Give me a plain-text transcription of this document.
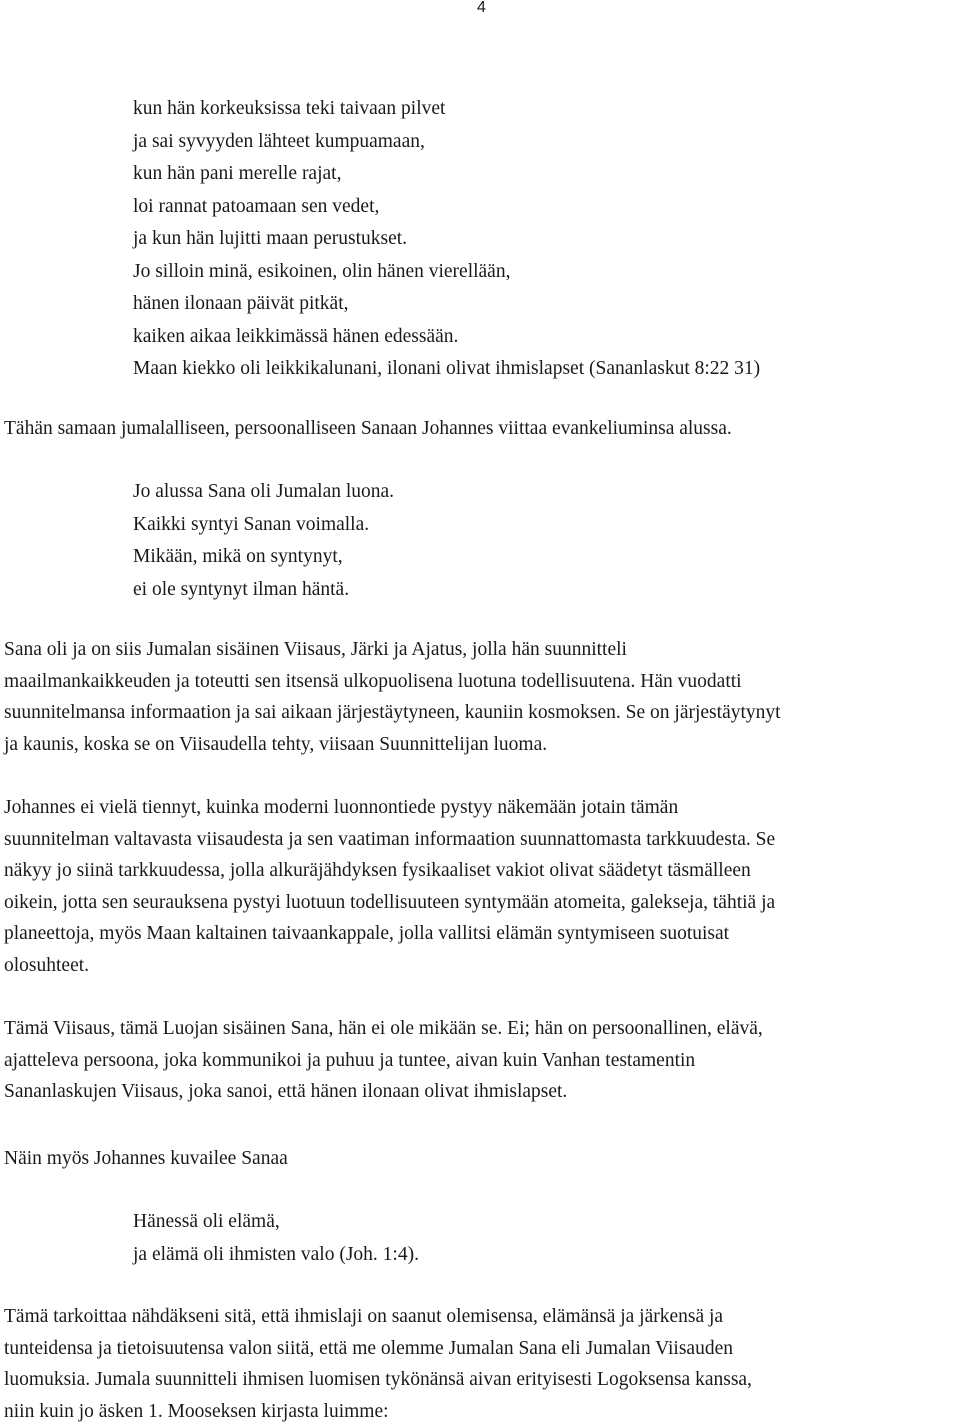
4
kun hän korkeuksissa teki taivaan pilvet
ja sai syvyyden lähteet kumpuamaan,
kun hän pani merelle rajat,
loi rannat patoamaan sen vedet,
ja kun hän lujitti maan perustukset.
Jo silloin minä, esikoinen, olin hänen vierellään,
hänen ilonaan päivät pitkät,
kaiken aikaa leikkimässä hänen edessään.
Maan kiekko oli leikkikalunani, ilonani olivat ihmislapset (Sananlaskut 8:22 31)
Tähän samaan jumalalliseen, persoonalliseen Sanaan Johannes viittaa evankeliuminsa alussa.
Jo alussa Sana oli Jumalan luona.
Kaikki syntyi Sanan voimalla.
Mikään, mikä on syntynyt,
ei ole syntynyt ilman häntä.
Sana oli ja on siis Jumalan sisäinen Viisaus, Järki ja Ajatus, jolla hän suunnitteli
maailmankaikkeuden ja toteutti sen itsensä ulkopuolisena luotuna todellisuutena. Hän vuodatti
suunnitelmansa informaation ja sai aikaan järjestäytyneen, kauniin kosmoksen. Se on järjestäytynyt
ja kaunis, koska se on Viisaudella tehty, viisaan Suunnittelijan luoma.
Johannes ei vielä tiennyt, kuinka moderni luonnontiede pystyy näkemään jotain tämän
suunnitelman valtavasta viisaudesta ja sen vaatiman informaation suunnattomasta tarkkuudesta. Se
näkyy jo siinä tarkkuudessa, jolla alkuräjähdyksen fysikaaliset vakiot olivat säädetyt täsmälleen
oikein, jotta sen seurauksena pystyi luotuun todellisuuteen syntymään atomeita, galekseja, tähtiä ja
planeettoja, myös Maan kaltainen taivaankappale, jolla vallitsi elämän syntymiseen suotuisat
olosuhteet.
Tämä Viisaus, tämä Luojan sisäinen Sana, hän ei ole mikään se. Ei; hän on persoonallinen, elävä,
ajatteleva persoona, joka kommunikoi ja puhuu ja tuntee, aivan kuin Vanhan testamentin
Sananlaskujen Viisaus, joka sanoi, että hänen ilonaan olivat ihmislapset.
Näin myös Johannes kuvailee Sanaa
Hänessä oli elämä,
ja elämä oli ihmisten valo (Joh. 1:4).
Tämä tarkoittaa nähdäkseni sitä, että ihmislaji on saanut olemisensa, elämänsä ja järkensä ja
tunteidensa ja tietoisuutensa valon siitä, että me olemme Jumalan Sana eli Jumalan Viisauden
luomuksia. Jumala suunnitteli ihmisen luomisen tykönänsä aivan erityisesti Logoksensa kanssa,
niin kuin jo äsken 1. Mooseksen kirjasta luimme:
